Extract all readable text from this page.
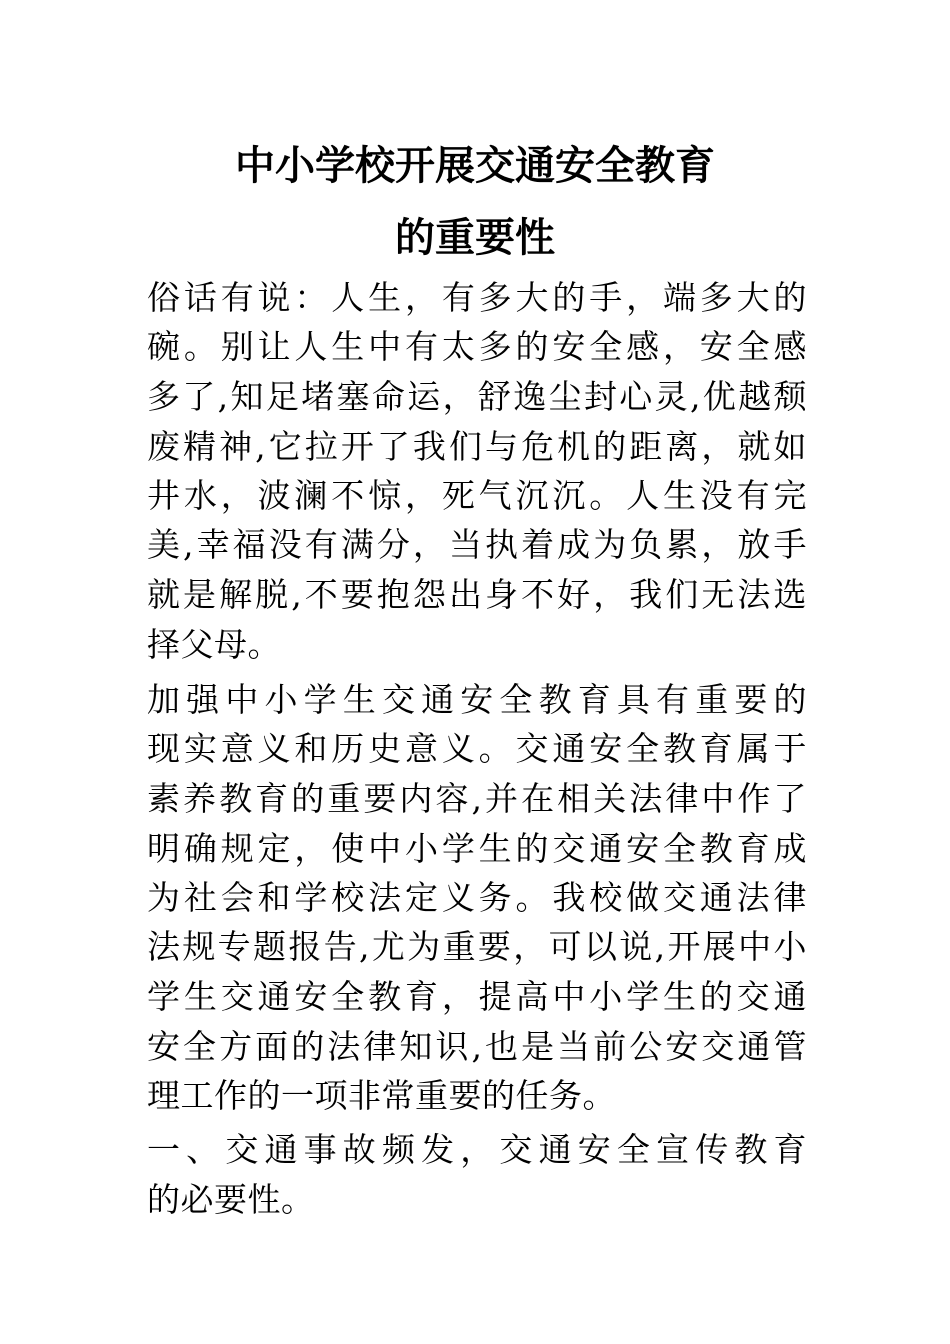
中小学校开展交通安全教育
的重要性
俗话有说：人生，有多大的手，端多大的
碗。别让人生中有太多的安全感，安全感
多了,知足堵塞命运，舒逸尘封心灵,优越颓
废精神,它拉开了我们与危机的距离，就如
井水，波澜不惊，死气沉沉。人生没有完
美,幸福没有满分，当执着成为负累，放手
就是解脱,不要抱怨出身不好，我们无法选
择父母。
加强中小学生交通安全教育具有重要的
现实意义和历史意义。交通安全教育属于
素养教育的重要内容,并在相关法律中作了
明确规定，使中小学生的交通安全教育成
为社会和学校法定义务。我校做交通法律
法规专题报告,尤为重要，可以说,开展中小
学生交通安全教育，提高中小学生的交通
安全方面的法律知识,也是当前公安交通管
理工作的一项非常重要的任务。
一、交通事故频发，交通安全宣传教育
的必要性。
